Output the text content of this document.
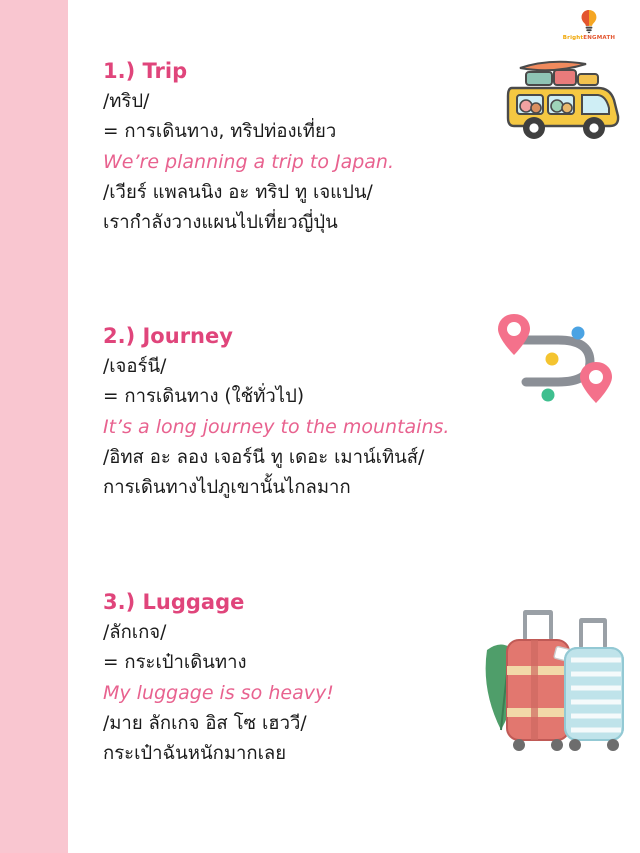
BrightENGMATH

1.) Trip

/ทริป/

= การเดินทาง, ทริปท่องเที่ยว

We’re planning a trip to Japan.

/เวียร์ แพลนนิง อะ ทริป ทู เจแปน/

เรากำลังวางแผนไปเที่ยวญี่ปุ่น

2.) Journey

/เจอร์นี/

= การเดินทาง (ใช้ทั่วไป)

It’s a long journey to the mountains.

/อิทส อะ ลอง เจอร์นี ทู เดอะ เมาน์เทินส์/

การเดินทางไปภูเขานั้นไกลมาก

3.) Luggage

/ลักเกจ/

= กระเป๋าเดินทาง

My luggage is so heavy!

/มาย ลักเกจ อิส โซ เฮววี/

กระเป๋าฉันหนักมากเลย
